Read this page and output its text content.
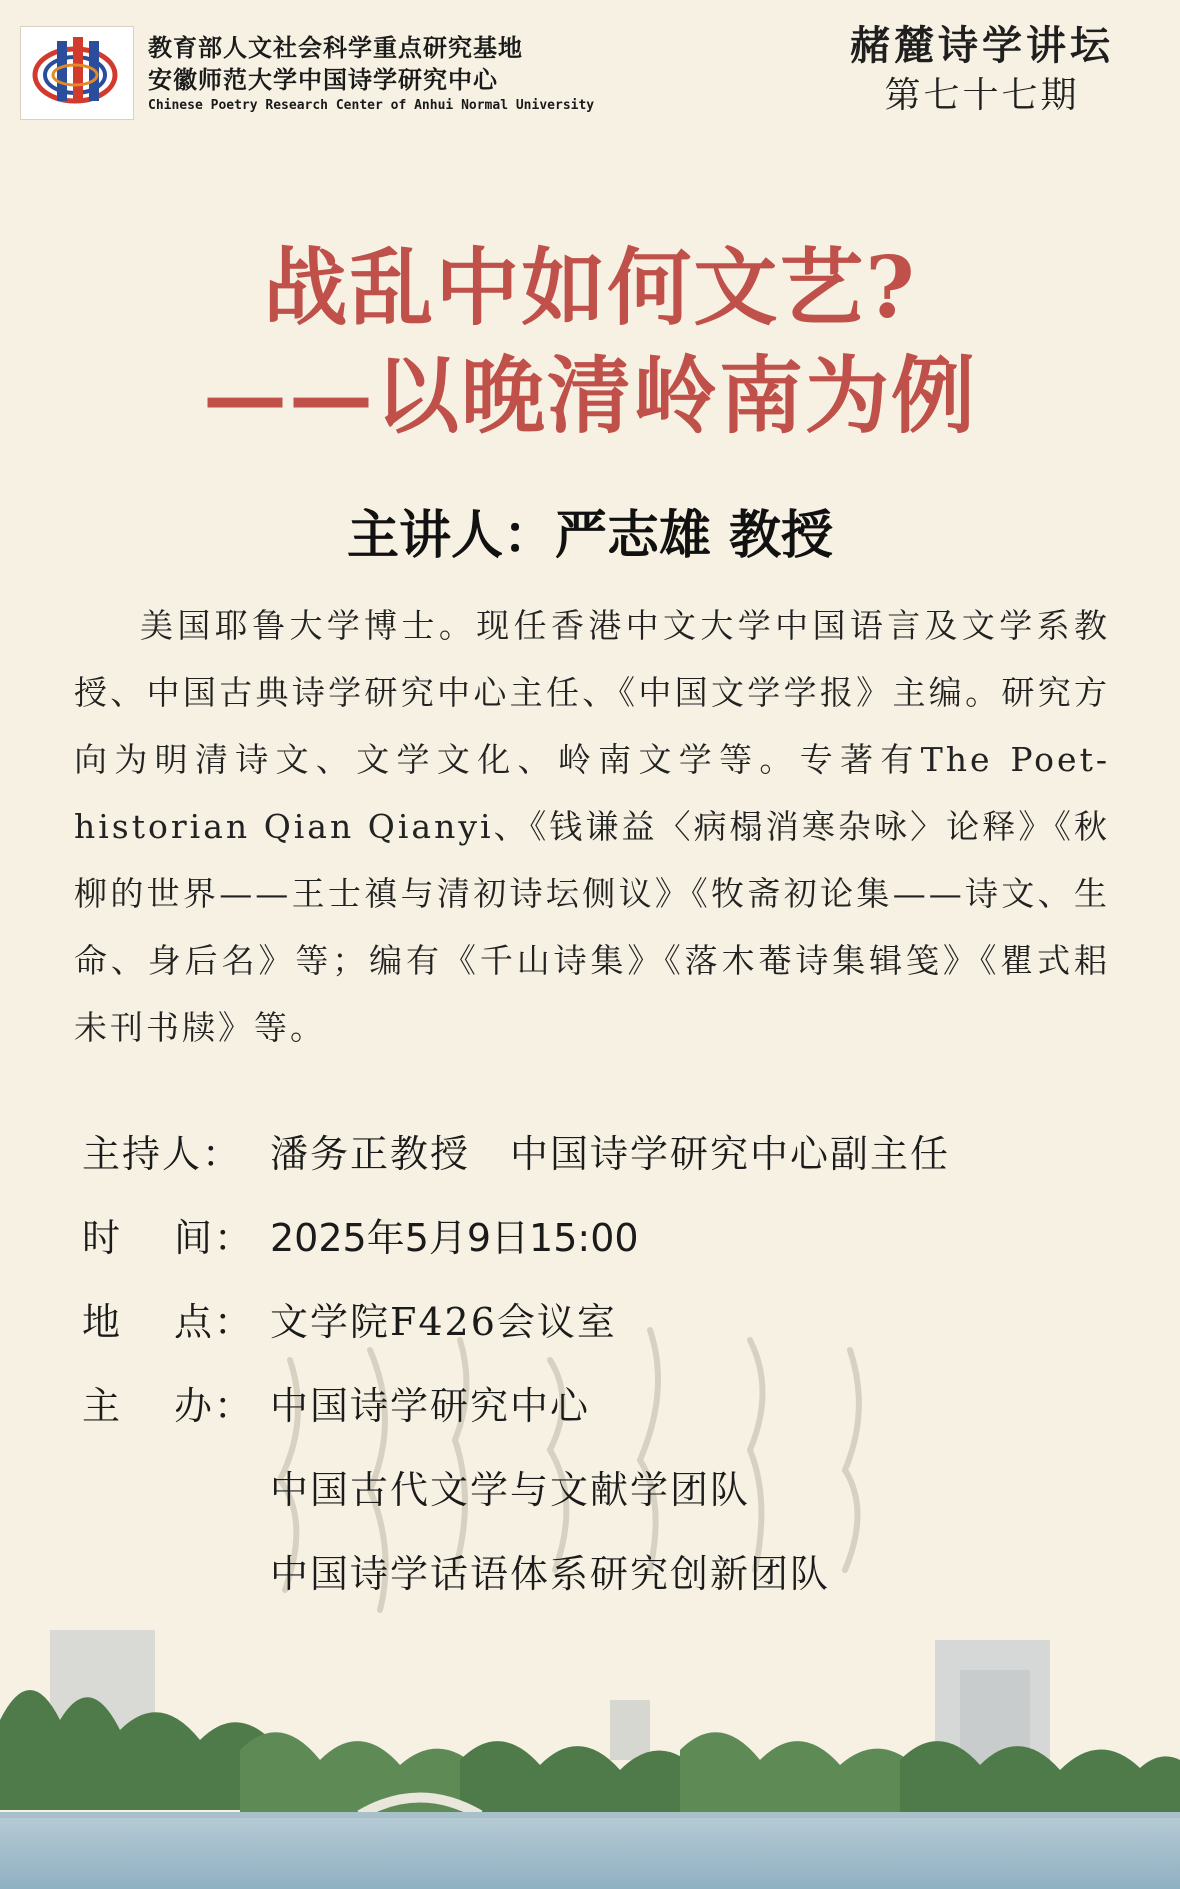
教育部人文社会科学重点研究基地
安徽师范大学中国诗学研究中心
Chinese Poetry Research Center of Anhui Normal University
赭麓诗学讲坛
第七十七期
战乱中如何文艺?
——以晚清岭南为例
主讲人：严志雄 教授
美国耶鲁大学博士。现任香港中文大学中国语言及文学系教授、中国古典诗学研究中心主任、《中国文学学报》主编。研究方向为明清诗文、文学文化、岭南文学等。专著有The Poet-historian Qian Qianyi、《钱谦益〈病榻消寒杂咏〉论释》《秋柳的世界——王士禛与清初诗坛侧议》《牧斋初论集——诗文、生命、身后名》等；编有《千山诗集》《落木菴诗集辑笺》《瞿式耜未刊书牍》等。
主持人： 潘务正教授　中国诗学研究中心副主任
时 间： 2025年5月9日15:00
地 点： 文学院F426会议室
主 办： 中国诗学研究中心
中国古代文学与文献学团队
中国诗学话语体系研究创新团队
